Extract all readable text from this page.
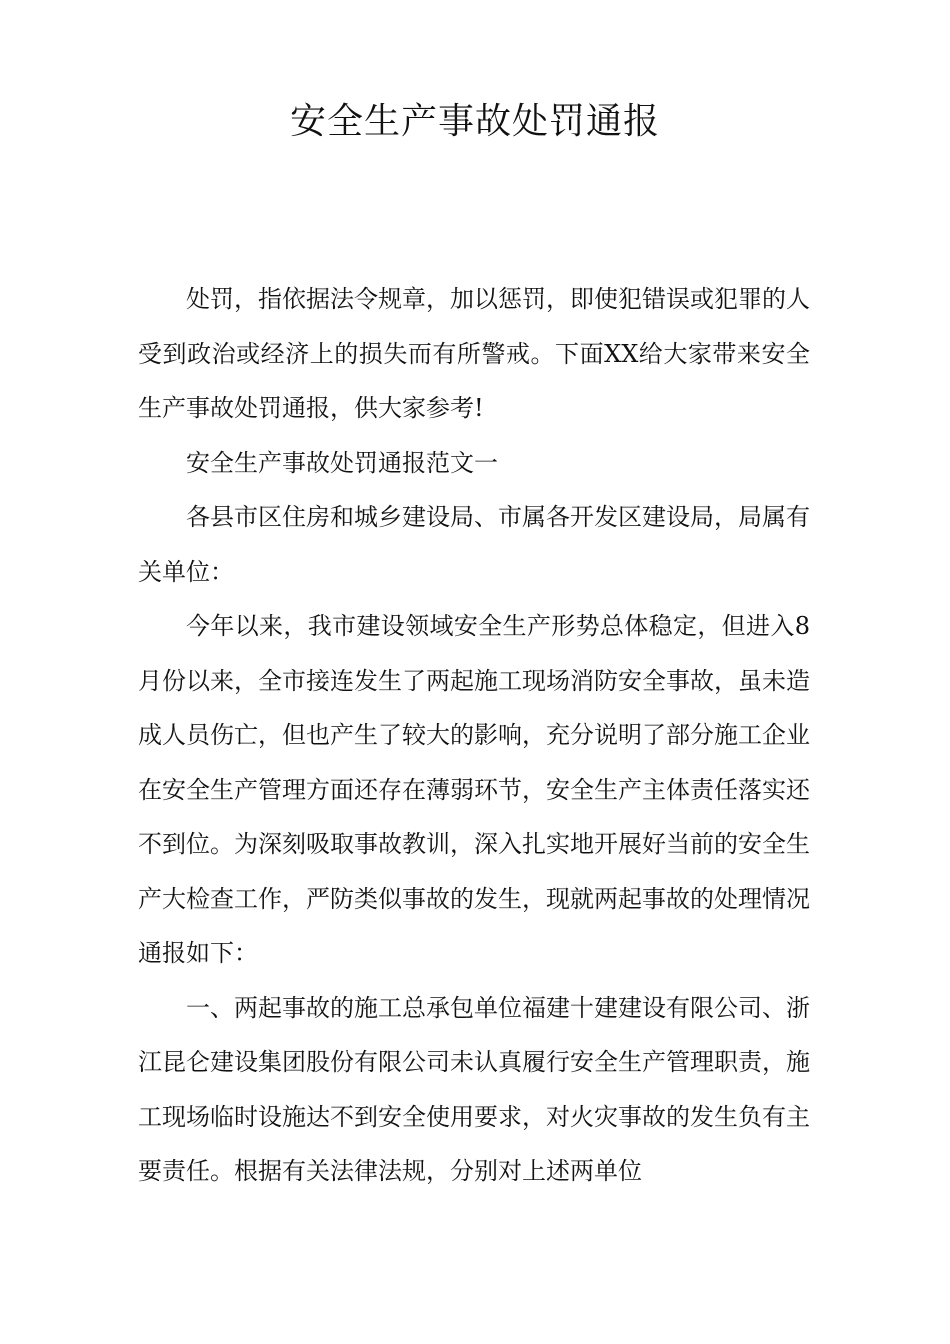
安全生产事故处罚通报

处罚，指依据法令规章，加以惩罚，即使犯错误或犯罪的人受到政治或经济上的损失而有所警戒。下面XX给大家带来安全生产事故处罚通报，供大家参考!

安全生产事故处罚通报范文一

各县市区住房和城乡建设局、市属各开发区建设局，局属有关单位：

今年以来，我市建设领域安全生产形势总体稳定，但进入8月份以来，全市接连发生了两起施工现场消防安全事故，虽未造成人员伤亡，但也产生了较大的影响，充分说明了部分施工企业在安全生产管理方面还存在薄弱环节，安全生产主体责任落实还不到位。为深刻吸取事故教训，深入扎实地开展好当前的安全生产大检查工作，严防类似事故的发生，现就两起事故的处理情况通报如下：

一、两起事故的施工总承包单位福建十建建设有限公司、浙江昆仑建设集团股份有限公司未认真履行安全生产管理职责，施工现场临时设施达不到安全使用要求，对火灾事故的发生负有主要责任。根据有关法律法规，分别对上述两单位
